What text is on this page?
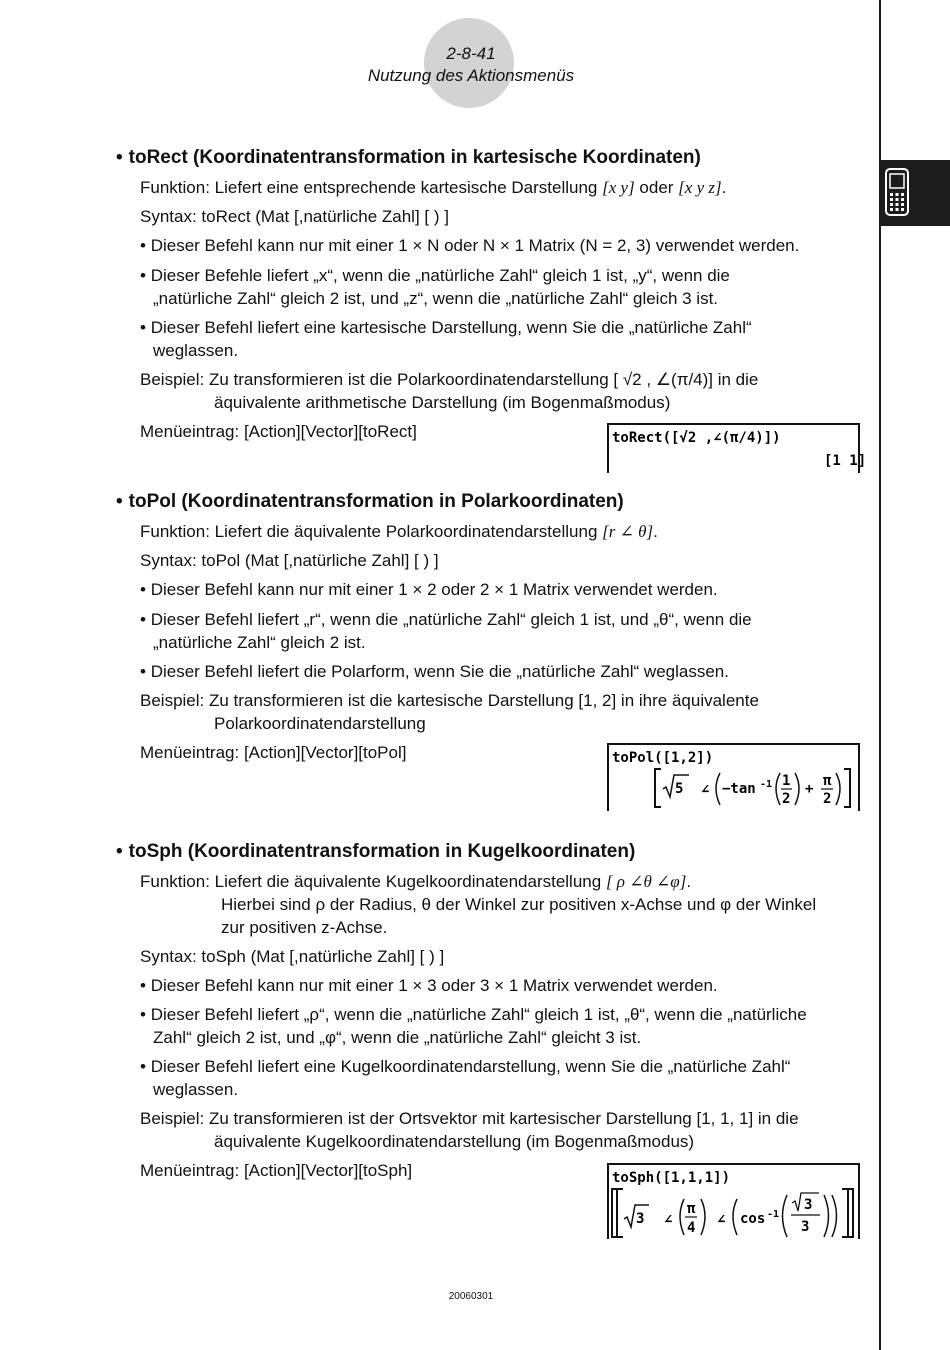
2-8-41
Nutzung des Aktionsmenüs
• toRect (Koordinatentransformation in kartesische Koordinaten)
Funktion: Liefert eine entsprechende kartesische Darstellung [x y] oder [x y z].
Syntax: toRect (Mat [,natürliche Zahl] [ ) ]
• Dieser Befehl kann nur mit einer 1 × N oder N × 1 Matrix (N = 2, 3) verwendet werden.
• Dieser Befehle liefert „x“, wenn die „natürliche Zahl“ gleich 1 ist, „y“, wenn die
„natürliche Zahl“ gleich 2 ist, und „z“, wenn die „natürliche Zahl“ gleich 3 ist.
• Dieser Befehl liefert eine kartesische Darstellung, wenn Sie die „natürliche Zahl“
weglassen.
Beispiel: Zu transformieren ist die Polarkoordinatendarstellung [ √2 , ∠(π/4)] in die
äquivalente arithmetische Darstellung (im Bogenmaßmodus)
Menüeintrag: [Action][Vector][toRect]	toRect([√2 ,∠(π/4)])
[1 1]
• toPol (Koordinatentransformation in Polarkoordinaten)
Funktion: Liefert die äquivalente Polarkoordinatendarstellung [r ∠ θ].
Syntax: toPol (Mat [,natürliche Zahl] [ ) ]
• Dieser Befehl kann nur mit einer 1 × 2 oder 2 × 1 Matrix verwendet werden.
• Dieser Befehl liefert „r“, wenn die „natürliche Zahl“ gleich 1 ist, und „θ“, wenn die
„natürliche Zahl“ gleich 2 ist.
• Dieser Befehl liefert die Polarform, wenn Sie die „natürliche Zahl“ weglassen.
Beispiel: Zu transformieren ist die kartesische Darstellung [1, 2] in ihre äquivalente
Polarkoordinatendarstellung
Menüeintrag: [Action][Vector][toPol]	toPol([1,2])
5 ∠ −tan -1 1
2
+ π
2
• toSph (Koordinatentransformation in Kugelkoordinaten)
Funktion: Liefert die äquivalente Kugelkoordinatendarstellung [ ρ ∠θ ∠φ].
Hierbei sind ρ der Radius, θ der Winkel zur positiven x-Achse und φ der Winkel
zur positiven z-Achse.
Syntax: toSph (Mat [,natürliche Zahl] [ ) ]
• Dieser Befehl kann nur mit einer 1 × 3 oder 3 × 1 Matrix verwendet werden.
• Dieser Befehl liefert „ρ“, wenn die „natürliche Zahl“ gleich 1 ist, „θ“, wenn die „natürliche
Zahl“ gleich 2 ist, und „φ“, wenn die „natürliche Zahl“ gleicht 3 ist.
• Dieser Befehl liefert eine Kugelkoordinatendarstellung, wenn Sie die „natürliche Zahl“
weglassen.
Beispiel: Zu transformieren ist der Ortsvektor mit kartesischer Darstellung [1, 1, 1] in die
äquivalente Kugelkoordinatendarstellung (im Bogenmaßmodus)
Menüeintrag: [Action][Vector][toSph]	toSph([1,1,1])
3 ∠
π
4 ∠ cos -1
3
3
20060301
